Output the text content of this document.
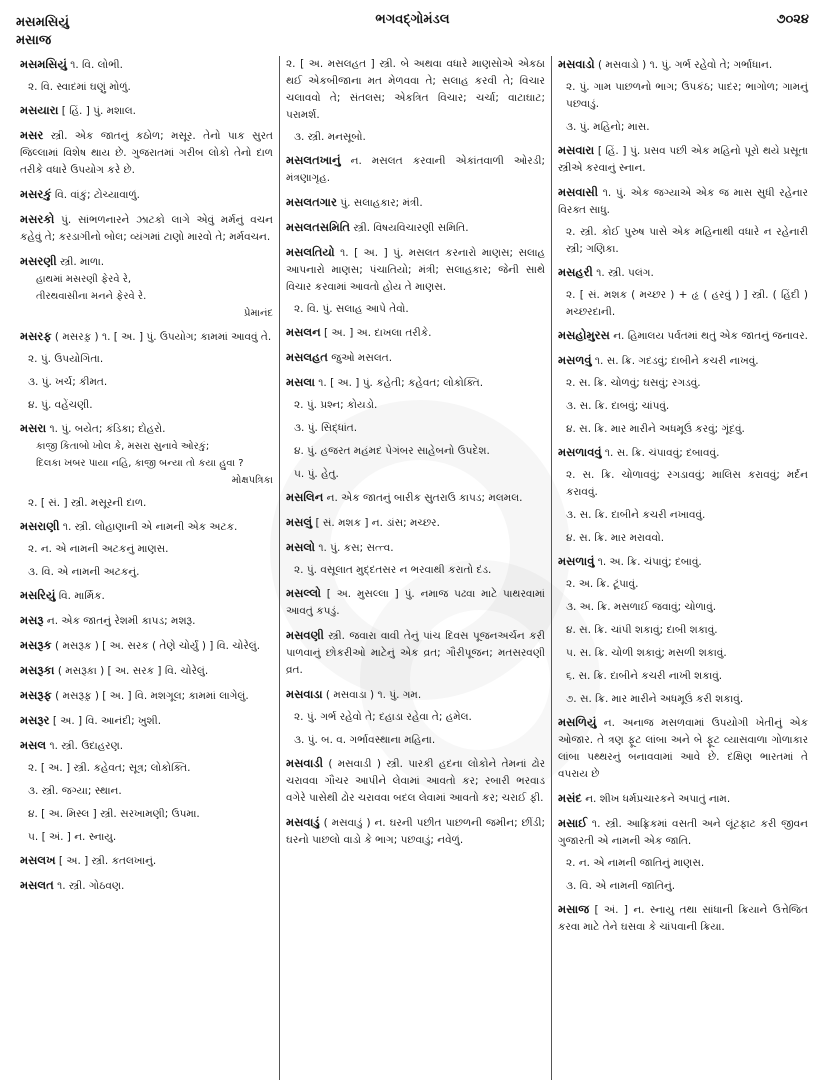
મસમસિયું
મસાજ
ભગવદ્ગોમંડલ	૭૦૨૪
મસમસિયું ૧. વિ. લોભી.
૨. વિ. સ્વાદમાં ઘણું મોળું.
મસયારા [ હિં. ] પું. મશાલ.
મસર સ્ત્રી. એક જાતનું કઠોળ; મસૂર. તેનો પાક સુરત જિલ્લામાં વિશેષ થાય છે. ગુજરાતમાં ગરીબ લોકો તેનો દાળ તરીકે વધારે ઉપયોગ કરે છે.
મસરકું વિ. વાંકું; ટોચ્યાવાળું.
મસરકો પું. સાંભળનારને ઝાટકો લાગે એવું મર્મનું વચન કહેવું તે; કરડાગીનો બોલ; વ્યંગમાં ટાણો મારવો તે; મર્મવચન.
મસરણી સ્ત્રી. માળા.
હાથમાં મસરણી ફેરવે રે,
તીરથવાસીના મનને ફેરવે રે.
પ્રેમાનંદ
મસરફ ( મસરફ઼ ) ૧. [ અ. ] પું. ઉપયોગ; કામમાં આવવું તે.
૨. પું. ઉપયોગિતા.
૩. પું. ખર્ચ; કીમત.
૪. પું. વહેંચણી.
મસરા ૧. પું. બયેત; કંડિકા; દોહરો.
કાજી કિતાબો ખોલ કે, મસરા સુનાવે ઓરકું;
દિલકા ખબર પાયા નહિ, કાજી બન્યા તો કયા હુવા ?
મોક્ષપત્રિકા
૨. [ સં. ] સ્ત્રી. મસૂરની દાળ.
મસરાણી ૧. સ્ત્રી. લોહાણાની એ નામની એક અટક.
૨. ન. એ નામની અટકનું માણસ.
૩. વિ. એ નામની અટકનું.
મસરિયું વિ. માર્મિક.
મસરૂ ન. એક જાતનું રેશમી કાપડ; મશરૂ.
મસરૂક ( મસરૂક઼ ) [ અ. સરક ( તેણે ચોર્યું ) ] વિ. ચોરેલું.
મસરૂકા ( મસરૂક઼ા ) [ અ. સરક ] વિ. ચોરેલું.
મસરૂફ ( મસરૂફ઼ ) [ અ. ] વિ. મશગૂલ; કામમાં લાગેલું.
મસરૂર [ અ. ] વિ. આનંદી; ખુશી.
મસલ ૧. સ્ત્રી. ઉદાહરણ.
૨. [ અ. ] સ્ત્રી. કહેવત; સૂત્ર; લોકોક્તિ.
૩. સ્ત્રી. જગ્યા; સ્થાન.
૪. [ અ. મિસ્લ ] સ્ત્રી. સરખામણી; ઉપમા.
૫. [ અં. ] ન. સ્નાયુ.
મસલખ [ અ. ] સ્ત્રી. કતલખાનું.
મસલત ૧. સ્ત્રી. ગોઠવણ.
૨. [ અ. મસલહત ] સ્ત્રી. બે અથવા વધારે માણસોએ એકઠા થઈ એકબીજાના મત મેળવવા તે; સલાહ કરવી તે; વિચાર ચલાવવો તે; સંતલસ; એકત્રિત વિચાર; ચર્ચા; વાટાઘાટ; પરામર્શ.
૩. સ્ત્રી. મનસૂબો.
મસલતખાનું ન. મસલત કરવાની એકાંતવાળી ઓરડી; મંત્રણાગૃહ.
મસલતગાર પું. સલાહકાર; મંત્રી.
મસલતસમિતિ સ્ત્રી. વિષયવિચારણી સમિતિ.
મસલતિયો ૧. [ અ. ] પું. મસલત કરનારો માણસ; સલાહ આપનારો માણસ; પંચાતિયો; મંત્રી; સલાહકાર; જેની સાથે વિચાર કરવામાં આવતો હોય તે માણસ.
૨. વિ. પું. સલાહ આપે તેવો.
મસલન [ અ. ] અ. દાખલા તરીકે.
મસલહત જુઓ મસલત.
મસલા ૧. [ અ. ] પું. કહેતી; કહેવત; લોકોક્તિ.
૨. પું. પ્રશ્ન; કોયડો.
૩. પું. સિદ્ધાંત.
૪. પું. હજરત મહંમદ પેગંબર સાહેબનો ઉપદેશ.
૫. પું. હેતુ.
મસલિન ન. એક જાતનું બારીક સુતરાઉ કાપડ; મલમલ.
મસલું [ સં. મશક ] ન. ડાંસ; મચ્છર.
મસલો ૧. પું. કસ; સત્ત્વ.
૨. પું. વસૂલાત મુદ્દતસર ન ભરવાથી કરાતો દંડ.
મસલ્લો [ અ. મુસલ્લા ] પું. નમાજ પઢવા માટે પાથરવામાં આવતું કપડું.
મસવણી સ્ત્રી. જવારા વાવી તેનું પાંચ દિવસ પૂજનઅર્ચન કરી પાળવાનું છોકરીઓ માટેનું એક વ્રત; ગૌરીપૂજન; મતસરવણી વ્રત.
મસવાડા ( મસવાડા ) ૧. પું. ગમ.
૨. પું. ગર્ભ રહેવો તે; દહાડા રહેવા તે; હમેલ.
૩. પું. બ. વ. ગર્ભાવસ્થાના મહિના.
મસવાડી ( મસવાડી ) સ્ત્રી. પારકી હદના લોકોને તેમનાં ઢોર ચરાવવા ગૌચર આપીને લેવામાં આવતો કર; રબારી ભરવાડ વગેરે પાસેથી ઢોર ચરાવવા બદલ લેવામાં આવતો કર; ચરાઈ ફી.
મસવાડું ( મસવાડું ) ન. ઘરની પછીત પાછળની જમીન; છીંડી; ઘરનો પાછલો વાડો કે ભાગ; પછવાડું; નવેળું.
મસવાડો ( મસવાડો ) ૧. પું. ગર્ભ રહેવો તે; ગર્ભાધાન.
૨. પું. ગામ પાછળનો ભાગ; ઉપકંઠ; પાદર; ભાગોળ; ગામનું પછવાડું.
૩. પું. મહિનો; માસ.
મસવારા [ હિં. ] પું. પ્રસવ પછી એક મહિનો પૂરો થયે પ્રસૂતા સ્ત્રીએ કરવાનું સ્નાન.
મસવાસી ૧. પું. એક જગ્યાએ એક જ માસ સુધી રહેનાર વિરક્ત સાધુ.
૨. સ્ત્રી. કોઈ પુરુષ પાસે એક મહિનાથી વધારે ન રહેનારી સ્ત્રી; ગણિકા.
મસહરી ૧. સ્ત્રી. પલંગ.
૨. [ સં. મશક ( મચ્છર ) + હૃ ( હરવું ) ] સ્ત્રી. ( હિંદી ) મચ્છરદાની.
મસહોમુરસ ન. હિમાલય પર્વતમાં થતું એક જાતનું જનાવર.
મસળવું ૧. સ. ક્રિ. ગદડવું; દાબીને કચરી નાખવું.
૨. સ. ક્રિ. ચોળવું; ઘસવું; રગડવું.
૩. સ. ક્રિ. દાબવું; ચાંપવું.
૪. સ. ક્રિ. માર મારીને અધમૂઉં કરવું; ગૂંદવું.
મસળાવવું ૧. સ. ક્રિ. ચંપાવવું; દબાવવું.
૨. સ. ક્રિ. ચોળાવવું; રગડાવવું; માલિસ કરાવવું; મર્દન કરાવવું.
૩. સ. ક્રિ. દાબીને કચરી નખાવવું.
૪. સ. ક્રિ. માર મરાવવો.
મસળાવું ૧. અ. ક્રિ. ચંપાવું; દબાવું.
૨. અ. ક્રિ. ટૂંપાવું.
૩. અ. ક્રિ. મસળાઈ જવાવું; ચોળાવું.
૪. સ. ક્રિ. ચાંપી શકાવું; દાબી શકાવું.
૫. સ. ક્રિ. ચોળી શકાવું; મસળી શકાવું.
૬. સ. ક્રિ. દાબીને કચરી નાખી શકાવું.
૭. સ. ક્રિ. માર મારીને અધમૂઉં કરી શકાવું.
મસળિયું ન. અનાજ મસળવામાં ઉપયોગી ખેતીનું એક ઓજાર. તે ત્રણ ફૂટ લાંબા અને બે ફૂટ વ્યાસવાળા ગોળાકાર લાંબા પથ્થરનું બનાવવામાં આવે છે. દક્ષિણ ભારતમાં તે વપરાય છે
મસંદ ન. શીખ ધર્મપ્રચારકને અપાતું નામ.
મસાઈ ૧. સ્ત્રી. આફ્રિકમાં વસતી અને લૂંટફાટ કરી જીવન ગુજારતી એ નામની એક જાતિ.
૨. ન. એ નામની જાતિનું માણસ.
૩. વિ. એ નામની જાતિનું.
મસાજ [ અં. ] ન. સ્નાયુ તથા સાંધાની ક્રિયાને ઉત્તેજિત કરવા માટે તેને ઘસવા કે ચાંપવાની ક્રિયા.
